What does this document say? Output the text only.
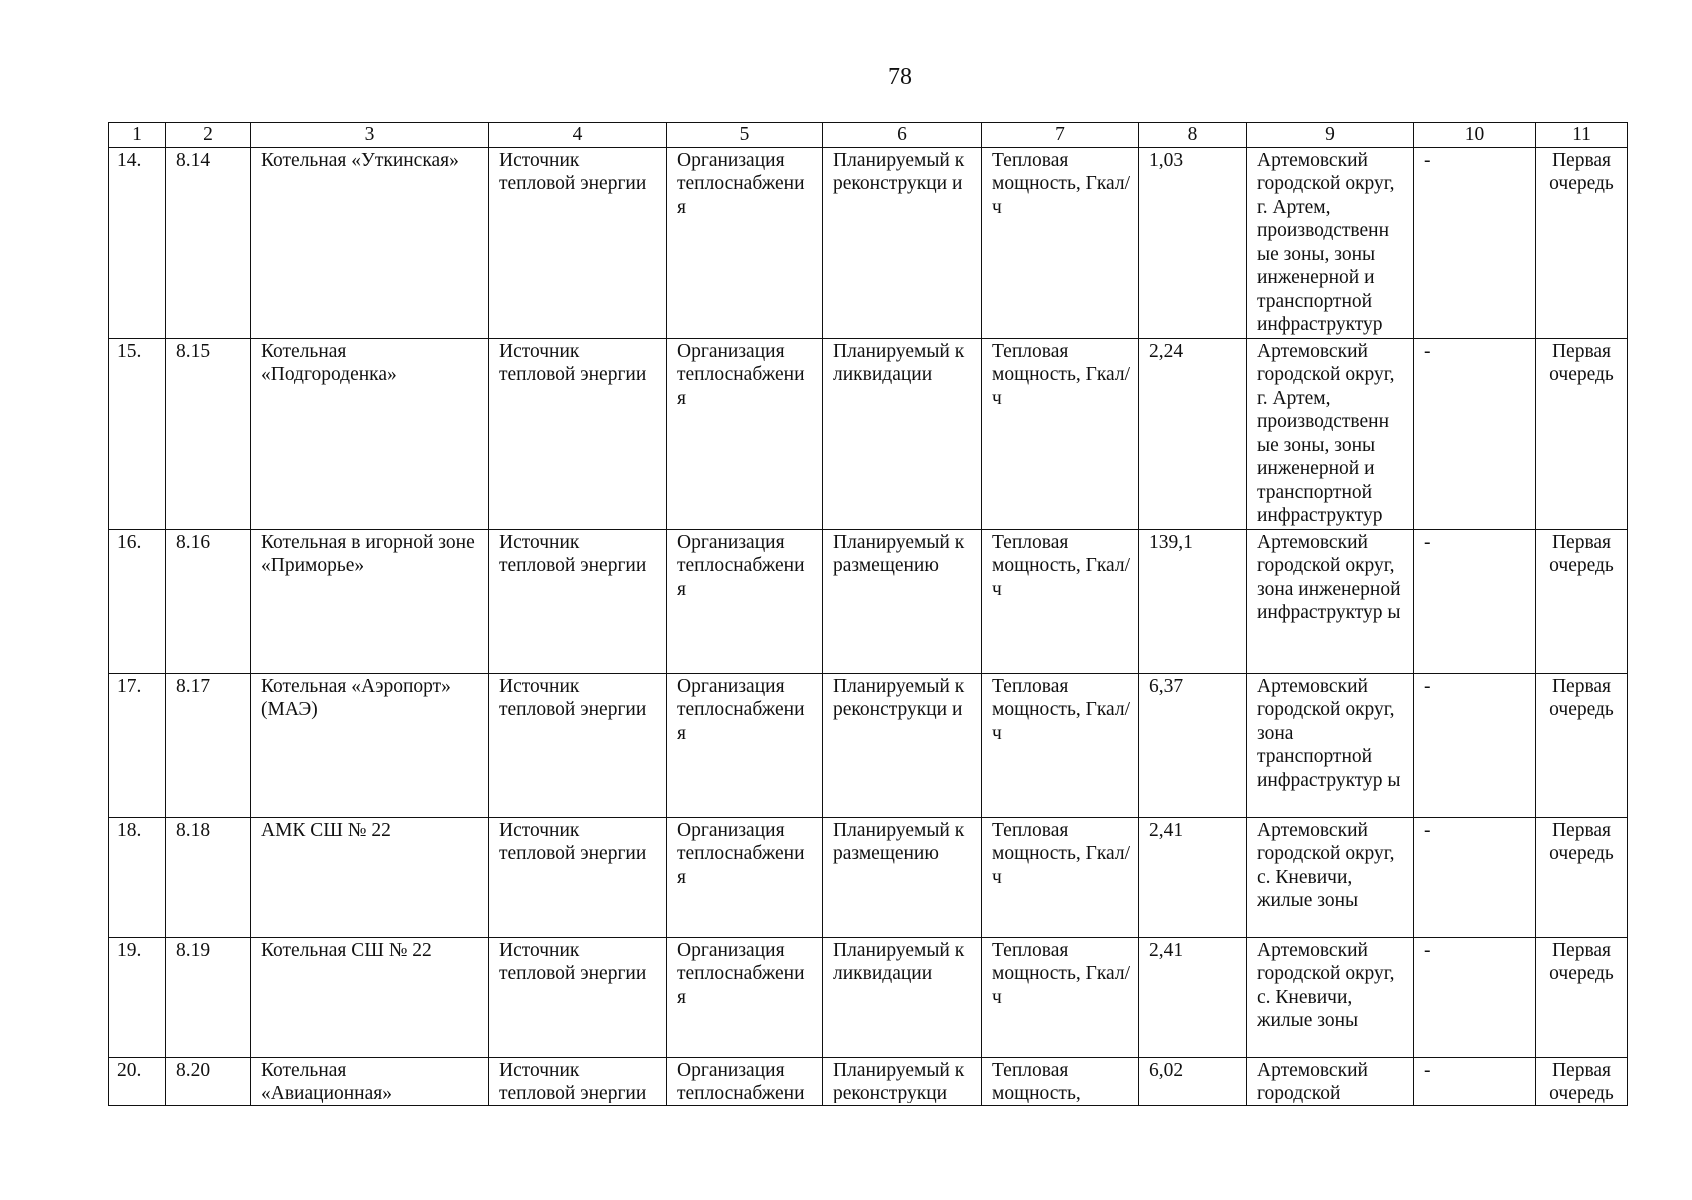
78
1	2	3	4	5	6	7	8	9	10	11

14.	8.14	Котельная «Уткинская»	Источник тепловой энергии	Организация теплоснабжени я	Планируемый к реконструкци и	Тепловая мощность, Гкал/ч	1,03	Артемовский городской округ, г. Артем, производственн ые зоны, зоны инженерной и транспортной инфраструктур	-	Первая очередь

15.	8.15	Котельная «Подгороденка»	Источник тепловой энергии	Организация теплоснабжени я	Планируемый к ликвидации	Тепловая мощность, Гкал/ч	2,24	Артемовский городской округ, г. Артем, производственн ые зоны, зоны инженерной и транспортной инфраструктур	-	Первая очередь

16.	8.16	Котельная в игорной зоне «Приморье»	Источник тепловой энергии	Организация теплоснабжени я	Планируемый к размещению	Тепловая мощность, Гкал/ч	139,1	Артемовский городской округ, зона инженерной инфраструктур ы	-	Первая очередь

17.	8.17	Котельная «Аэропорт» (МАЭ)	Источник тепловой энергии	Организация теплоснабжени я	Планируемый к реконструкци и	Тепловая мощность, Гкал/ч	6,37	Артемовский городской округ, зона транспортной инфраструктур ы	-	Первая очередь

18.	8.18	АМК СШ № 22	Источник тепловой энергии	Организация теплоснабжени я	Планируемый к размещению	Тепловая мощность, Гкал/ч	2,41	Артемовский городской округ, с. Кневичи, жилые зоны	-	Первая очередь

19.	8.19	Котельная СШ № 22	Источник тепловой энергии	Организация теплоснабжени я	Планируемый к ликвидации	Тепловая мощность, Гкал/ч	2,41	Артемовский городской округ, с. Кневичи, жилые зоны	-	Первая очередь

20.	8.20	Котельная «Авиационная»	Источник тепловой энергии	Организация теплоснабжени	Планируемый к реконструкци	Тепловая мощность,	6,02	Артемовский городской	-	Первая очередь
